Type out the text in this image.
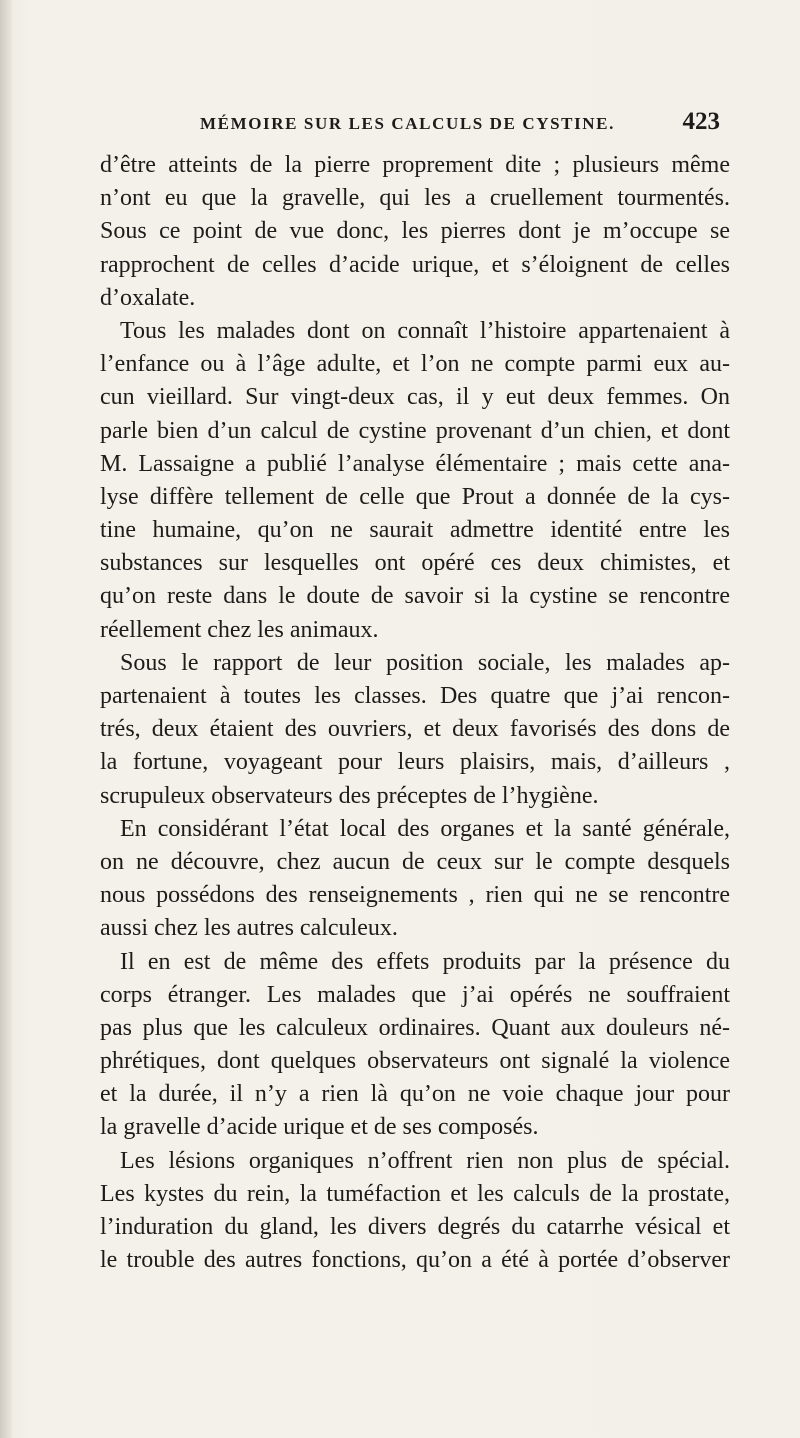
MÉMOIRE SUR LES CALCULS DE CYSTINE.	423
d’être atteints de la pierre proprement dite ; plusieurs même
n’ont eu que la gravelle, qui les a cruellement tourmentés.
Sous ce point de vue donc, les pierres dont je m’occupe se
rapprochent de celles d’acide urique, et s’éloignent de celles
d’oxalate.
Tous les malades dont on connaît l’histoire appartenaient à
l’enfance ou à l’âge adulte, et l’on ne compte parmi eux au-
cun vieillard. Sur vingt-deux cas, il y eut deux femmes. On
parle bien d’un calcul de cystine provenant d’un chien, et dont
M. Lassaigne a publié l’analyse élémentaire ; mais cette ana-
lyse diffère tellement de celle que Prout a donnée de la cys-
tine humaine, qu’on ne saurait admettre identité entre les
substances sur lesquelles ont opéré ces deux chimistes, et
qu’on reste dans le doute de savoir si la cystine se rencontre
réellement chez les animaux.
Sous le rapport de leur position sociale, les malades ap-
partenaient à toutes les classes. Des quatre que j’ai rencon-
trés, deux étaient des ouvriers, et deux favorisés des dons de
la fortune, voyageant pour leurs plaisirs, mais, d’ailleurs ,
scrupuleux observateurs des préceptes de l’hygiène.
En considérant l’état local des organes et la santé générale,
on ne découvre, chez aucun de ceux sur le compte desquels
nous possédons des renseignements , rien qui ne se rencontre
aussi chez les autres calculeux.
Il en est de même des effets produits par la présence du
corps étranger. Les malades que j’ai opérés ne souffraient
pas plus que les calculeux ordinaires. Quant aux douleurs né-
phrétiques, dont quelques observateurs ont signalé la violence
et la durée, il n’y a rien là qu’on ne voie chaque jour pour
la gravelle d’acide urique et de ses composés.
Les lésions organiques n’offrent rien non plus de spécial.
Les kystes du rein, la tuméfaction et les calculs de la prostate,
l’induration du gland, les divers degrés du catarrhe vésical et
le trouble des autres fonctions, qu’on a été à portée d’observer
